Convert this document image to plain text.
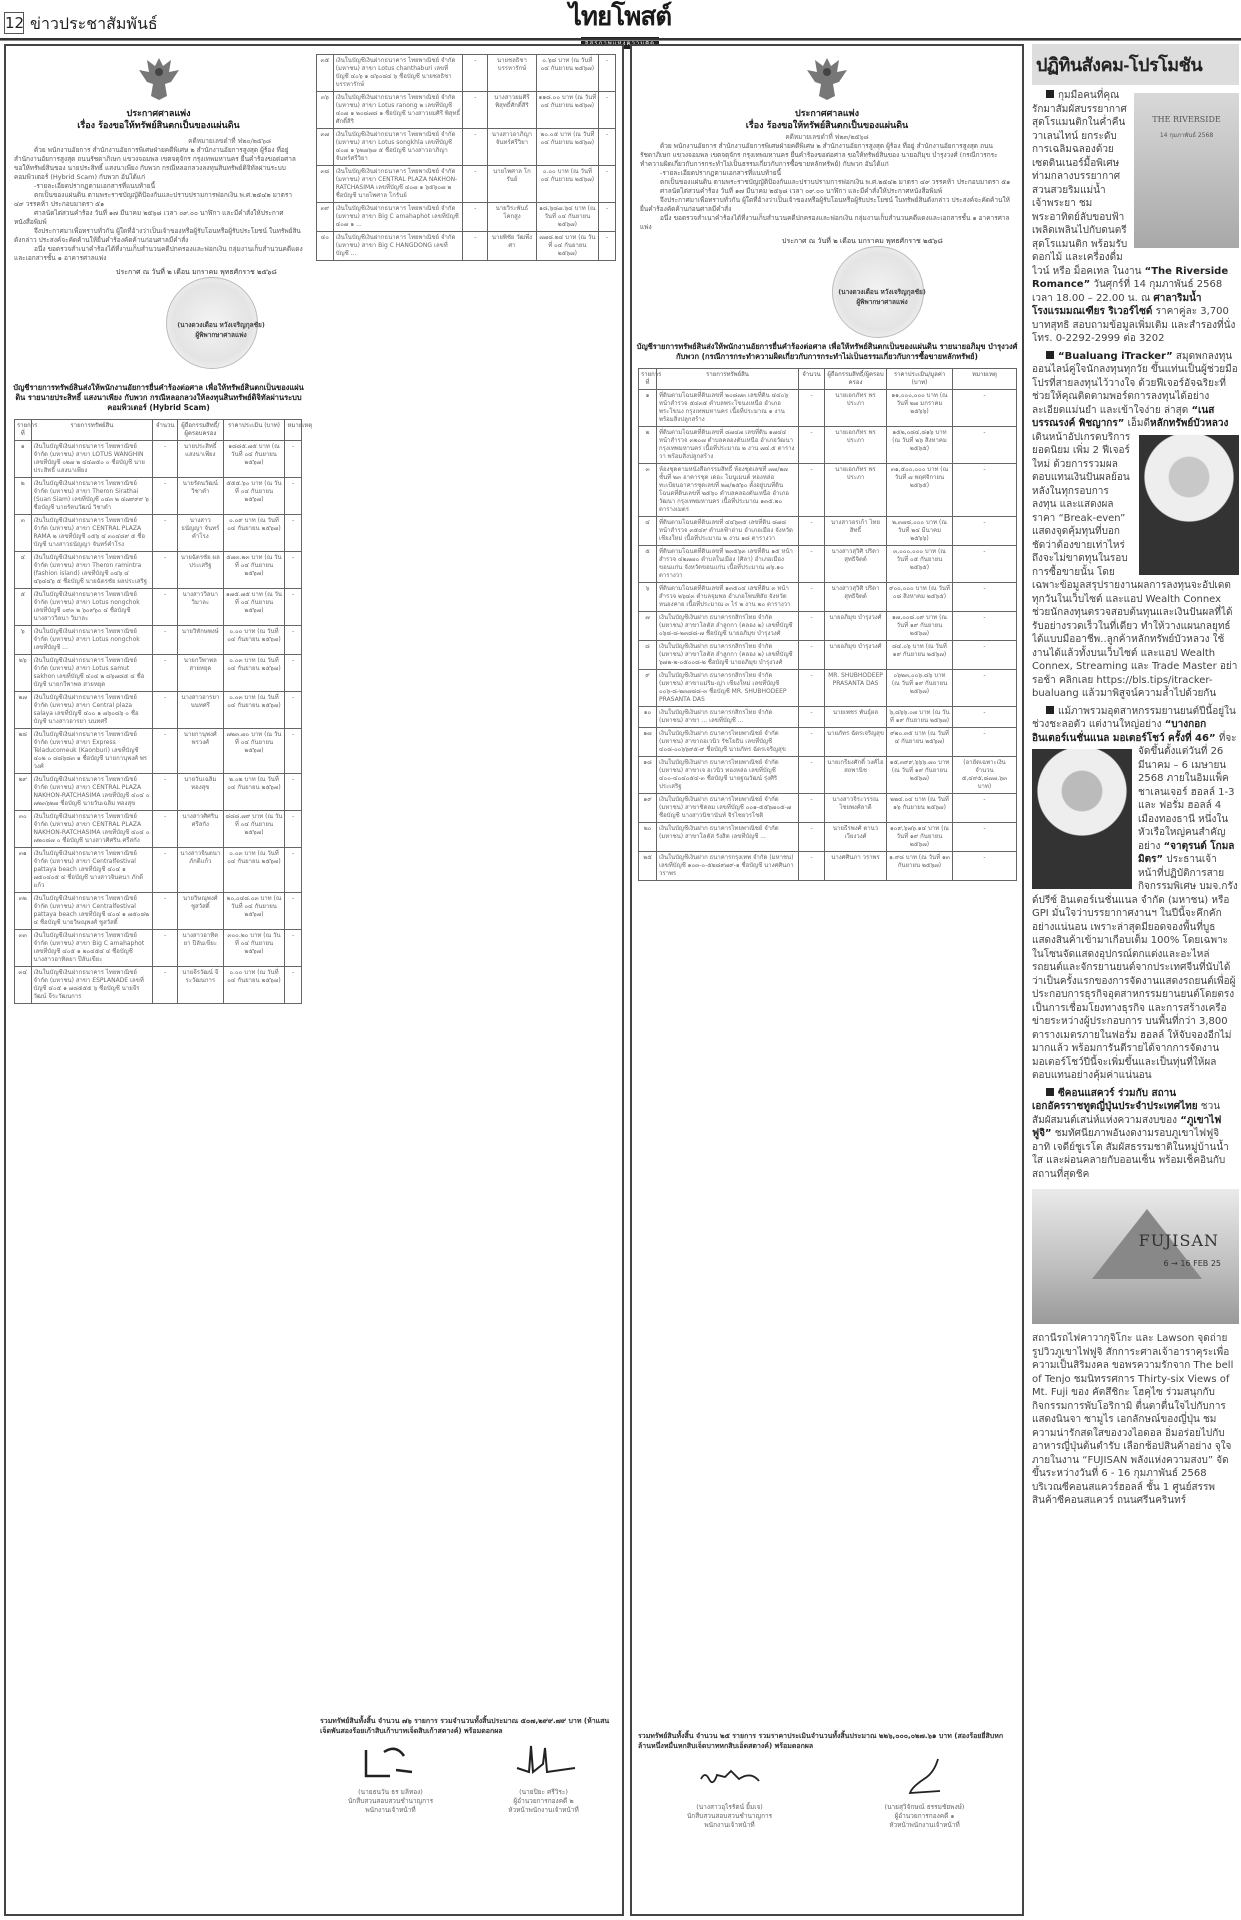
12 ข่าวประชาสัมพันธ์	ไทยโพสต์
ประกาศศาลแพ่ง
เรื่อง ร้องขอให้ทรัพย์สินตกเป็นของแผ่นดิน
คดีหมายเลขดำที่ ฟ๒๐/๒๕๖๘
ด้วย พนักงานอัยการ สำนักงานอัยการพิเศษฝ่ายคดีพิเศษ ๒ สำนักงานอัยการสูงสุด ผู้ร้อง ที่อยู่ สำนักงานอัยการสูงสุด ถนนรัชดาภิเษก แขวงจอมพล เขตจตุจักร กรุงเทพมหานคร ยื่นคำร้องขอต่อศาล ขอให้ทรัพย์สินของ นายประสิทธิ์ แสงนาเพียง กับพวก กรณีหลอกลวงลงทุนสินทรัพย์ดิจิทัลผ่านระบบคอมพิวเตอร์ (Hybrid Scam) กับพวก อันได้แก่
-รายละเอียดปรากฏตามเอกสารที่แนบท้ายนี้
ตกเป็นของแผ่นดิน ตามพระราชบัญญัติป้องกันและปราบปรามการฟอกเงิน พ.ศ.๒๕๔๒ มาตรา ๔๙ วรรคห้า ประกอบมาตรา ๕๑
ศาลนัดไต่สวนคำร้อง วันที่ ๑๗ มีนาคม ๒๕๖๘ เวลา ๐๙.๐๐ นาฬิกา และมีคำสั่งให้ประกาศหนังสือพิมพ์
จึงประกาศมาเพื่อทราบทั่วกัน ผู้ใดที่อ้างว่าเป็นเจ้าของหรือผู้รับโอนหรือผู้รับประโยชน์ ในทรัพย์สินดังกล่าว ประสงค์จะคัดค้านให้ยื่นคำร้องคัดค้านก่อนศาลมีคำสั่ง
อนึ่ง ขอตรวจสำเนาคำร้องได้ที่งานเก็บสำนวนคดีปกครองและฟอกเงิน กลุ่มงานเก็บสำนวนคดีแดงและเอกสารชั้น ๑ อาคารศาลแพ่ง
ประกาศ ณ วันที่ ๒ เดือน มกราคม พุทธศักราช ๒๕๖๘
(นางดวงเดือน หวังเจริญกุลชัย)
ผู้พิพากษาศาลแพ่ง
บัญชีรายการทรัพย์สินส่งให้พนักงานอัยการยื่นคำร้องต่อศาล เพื่อให้ทรัพย์สินตกเป็นของแผ่นดิน รายนายประสิทธิ์ แสงนาเพียง กับพวก กรณีหลอกลวงให้ลงทุนสินทรัพย์ดิจิทัลผ่านระบบคอมพิวเตอร์ (Hybrid Scam)
รายการที่	รายการทรัพย์สิน	จำนวน	ผู้ถือกรรมสิทธิ์/ผู้ครอบครอง	ราคาประเมิน (บาท)	หมายเหตุ
๑	เงินในบัญชีเงินฝากธนาคาร ไทยพาณิชย์ จำกัด (มหาชน) สาขา LOTUS WANGHIN เลขที่บัญชี ๐๒๗ ๒ ๔๔๗๕๐ ๐ ชื่อบัญชี นายประสิทธิ์ แสงนาเพียง	-	นายประสิทธิ์ แสงนาเพียง	๑๘๘๕.๗๕ บาท (ณ วันที่ ๐๔ กันยายน ๒๕๖๗)	-
๒	เงินในบัญชีเงินฝากธนาคาร ไทยพาณิชย์ จำกัด (มหาชน) สาขา Theron Sirathai (Suan Siam) เลขที่บัญชี ๐๔๓ ๒ ๔๗๙๙๙ ๖ ชื่อบัญชี นายรัตนวัฒน์ วิชาดำ	-	นายรัตนวัฒน์ วิชาดำ	๕๕๕.๖๐ บาท (ณ วันที่ ๐๔ กันยายน ๒๕๖๗)	-
๓	เงินในบัญชีเงินฝากธนาคาร ไทยพาณิชย์ จำกัด (มหาชน) สาขา CENTRAL PLAZA RAMA ๒ เลขที่บัญชี ๐๕๖ ๔ ๓๐๔๘๙ ๕ ชื่อบัญชี นางสาวธนัญญา จันทร์คำโรง	-	นางสาวธนัญญา จันทร์คำโรง	๐.๐๙ บาท (ณ วันที่ ๐๔ กันยายน ๒๕๖๗)	-
๔	เงินในบัญชีเงินฝากธนาคาร ไทยพาณิชย์ จำกัด (มหาชน) สาขา Theron ramintra (fashion island) เลขที่บัญชี ๐๔๖ ๔ ๔๖๔๔๖ ๕ ชื่อบัญชี นายฉัตรชัย ผลประเสริฐ	-	นายฉัตรชัย ผลประเสริฐ	๕๗๓.๒๓ บาท (ณ วันที่ ๐๔ กันยายน ๒๕๖๗)	-
๕	เงินในบัญชีเงินฝากธนาคาร ไทยพาณิชย์ จำกัด (มหาชน) สาขา Lotus nongchok เลขที่บัญชี ๐๙๓ ๒ ๖๐๙๖๐ ๔ ชื่อบัญชี นางสาววิลนา วิมาละ	-	นางสาววิลนา วิมาละ	๑๗๕.๗๕ บาท (ณ วันที่ ๐๔ กันยายน ๒๕๖๗)	-
๖	เงินในบัญชีเงินฝากธนาคาร ไทยพาณิชย์ จำกัด (มหาชน) สาขา Lotus nongchok เลขที่บัญชี ...	-	นายวิทักษพงษ์	๐.๐๐ บาท (ณ วันที่ ๐๔ กันยายน ๒๕๖๗)	-
๒๖	เงินในบัญชีเงินฝากธนาคาร ไทยพาณิชย์ จำกัด (มหาชน) สาขา Lotus samut sakhon เลขที่บัญชี ๔๐๔ ๒ ๘๖๗๘๕ ๔ ชื่อบัญชี นายกวีพาพล สายหยุด	-	นายกวีพาพล สายหยุด	๐.๐๓ บาท (ณ วันที่ ๐๔ กันยายน ๒๕๖๗)	-
๒๗	เงินในบัญชีเงินฝากธนาคาร ไทยพาณิชย์ จำกัด (มหาชน) สาขา Central plaza salaya เลขที่บัญชี ๔๐๐ ๑ ๗๖๐๘๖ ๐ ชื่อบัญชี นางสาวอารยา นนทศรี	-	นางสาวอารยา นนทศรี	๐.๐๓ บาท (ณ วันที่ ๐๔ กันยายน ๒๕๖๗)	-
๒๘	เงินในบัญชีเงินฝากธนาคาร ไทยพาณิชย์ จำกัด (มหาชน) สาขา Express Teladucomeuk (Kaonburi) เลขที่บัญชี ๔๐๒ ๐ ๘๘๖๘๓ ๑ ชื่อบัญชี นายกานุพงศ์ พรวงศ์	-	นายกานุพงศ์ พรวงศ์	๗๒๓.๗๐ บาท (ณ วันที่ ๐๔ กันยายน ๒๕๖๗)	-
๒๙	เงินในบัญชีเงินฝากธนาคาร ไทยพาณิชย์ จำกัด (มหาชน) สาขา CENTRAL PLAZA NAKHON-RATCHASIMA เลขที่บัญชี ๔๐๔ ๐ ๗๒๓๖๒๗ ชื่อบัญชี นายวันเฉลิม ทองสุข	-	นายวันเฉลิม ทองสุข	๒.๐๒ บาท (ณ วันที่ ๐๔ กันยายน ๒๕๖๗)	-
๓๐	เงินในบัญชีเงินฝากธนาคาร ไทยพาณิชย์ จำกัด (มหาชน) สาขา CENTRAL PLAZA NAKHON-RATCHASIMA เลขที่บัญชี ๔๐๔ ๐ ๗๒๐๘๗ ๐ ชื่อบัญชี นางสาวศิศริน ศรีสกัง	-	นางสาวศิศริน ศรีสกัง	๘๘๘.๗๙ บาท (ณ วันที่ ๐๔ กันยายน ๒๕๖๗)	-
๓๑	เงินในบัญชีเงินฝากธนาคาร ไทยพาณิชย์ จำกัด (มหาชน) สาขา Centralfestival pattaya beach เลขที่บัญชี ๔๐๔ ๑ ๗๕๐๔๐๕ ๔ ชื่อบัญชี นางสาวจินตนา ภักดีแก้ว	-	นางสาวจินตนา ภักดีแก้ว	๐.๐๓ บาท (ณ วันที่ ๐๔ กันยายน ๒๕๖๗)	-
๓๒	เงินในบัญชีเงินฝากธนาคาร ไทยพาณิชย์ จำกัด (มหาชน) สาขา Centralfestival pattaya beach เลขที่บัญชี ๔๐๔ ๑ ๗๕๐๘๒ ๔ ชื่อบัญชี นายวิษณุพงศ์ ชูสวัสดิ์	-	นายวิษณุพงศ์ ชูสวัสดิ์	๒๐,๐๔๘.๐๓ บาท (ณ วันที่ ๐๔ กันยายน ๒๕๖๗)	-
๓๓	เงินในบัญชีเงินฝากธนาคาร ไทยพาณิชย์ จำกัด (มหาชน) สาขา Big C amahaphot เลขที่บัญชี ๔๐๕ ๑ ๒๐๔๕๔ ๔ ชื่อบัญชี นางสาวอาทิตยา ปีลันเขียะ	-	นางสาวอาทิตยา ปีลันเขียะ	๓๐๐.๒๐ บาท (ณ วันที่ ๐๔ กันยายน ๒๕๖๗)	-
๓๔	เงินในบัญชีเงินฝากธนาคาร ไทยพาณิชย์ จำกัด (มหาชน) สาขา ESPLANADE เลขที่บัญชี ๔๐๕ ๑ ๗๘๕๕๕ ๖ ชื่อบัญชี นายจีรวัฒน์ จีระวัฒนการ	-	นายจีรวัฒน์ จีระวัฒนการ	๐.๐๐ บาท (ณ วันที่ ๐๔ กันยายน ๒๕๖๗)	-
๓๕	เงินในบัญชีเงินฝากธนาคาร ไทยพาณิชย์ จำกัด (มหาชน) สาขา Lotus chanthaburi เลขที่บัญชี ๔๐๖ ๑ ๘๖๐๘๔ ๖ ชื่อบัญชี นายชลธิชา บรรหารักษ์	-	นายชลธิชา บรรหารักษ์	๐.๖๘ บาท (ณ วันที่ ๐๔ กันยายน ๒๕๖๗)	-
๓๖	เงินในบัญชีเงินฝากธนาคาร ไทยพาณิชย์ จำกัด (มหาชน) สาขา Lotus ranong ๒ เลขที่บัญชี ๔๐๗ ๑ ๒๐๘๗๘ ๑ ชื่อบัญชี นางสาวยมศิรี พิสุทธิ์ศักดิ์สิริ	-	นางสาวยมศิรี พิสุทธิ์ศักดิ์สิริ	๑๑๘.๐๐ บาท (ณ วันที่ ๐๔ กันยายน ๒๕๖๗)	-
๓๗	เงินในบัญชีเงินฝากธนาคาร ไทยพาณิชย์ จำกัด (มหาชน) สาขา Lotus songkhla เลขที่บัญชี ๔๐๗ ๑ ๖๒๗๖๗ ๕ ชื่อบัญชี นางสาวอาภิญา จันทร์ศรีวิยา	-	นางสาวอาภิญา จันทร์ศรีวิยา	๒๐.๐๕ บาท (ณ วันที่ ๐๔ กันยายน ๒๕๖๗)	-
๓๘	เงินในบัญชีเงินฝากธนาคาร ไทยพาณิชย์ จำกัด (มหาชน) สาขา CENTRAL PLAZA NAKHON-RATCHASIMA เลขที่บัญชี ๔๐๗ ๑ ๖๕๖๐๗ ๒ ชื่อบัญชี นายไพศาล โกรันย์	-	นายไพศาล โกรันย์	๐.๐๐ บาท (ณ วันที่ ๐๔ กันยายน ๒๕๖๗)	-
๓๙	เงินในบัญชีเงินฝากธนาคาร ไทยพาณิชย์ จำกัด (มหาชน) สาขา Big C amahaphot เลขที่บัญชี ๔๐๗ ๑ ...	-	นายวิระพันธ์ โคกสูง	๑๘,๖๘๗.๖๔ บาท (ณ วันที่ ๐๔ กันยายน ๒๕๖๗)	-
๔๐	เงินในบัญชีเงินฝากธนาคาร ไทยพาณิชย์ จำกัด (มหาชน) สาขา Big C HANGDONG เลขที่บัญชี ...	-	นายพิชัย วัฒพึ่งศา	๗๗๘.๒๔ บาท (ณ วันที่ ๐๔ กันยายน ๒๕๖๗)	-
รวมทรัพย์สินทั้งสิ้น จำนวน ๗๖ รายการ รวมจำนวนทั้งสิ้นประมาณ ๕๐๗,๒๙๙.๗๙ บาท (ห้าแสนเจ็ดพันสองร้อยเก้าสิบเก้าบาทเจ็ดสิบเก้าสตางค์) พร้อมดอกผล
(นายธนวัน ธร มลิทอง)
นักสืบสวนสอบสวนชำนาญการ
พนักงานเจ้าหน้าที่
(นายปิยะ ศรีวิระ)
ผู้อำนวยการกองคดี ๒
หัวหน้าพนักงานเจ้าหน้าที่
ประกาศศาลแพ่ง
เรื่อง ร้องขอให้ทรัพย์สินตกเป็นของแผ่นดิน
คดีหมายเลขดำที่ ฟ๒๓/๒๕๖๘
ด้วย พนักงานอัยการ สำนักงานอัยการพิเศษฝ่ายคดีพิเศษ ๒ สำนักงานอัยการสูงสุด ผู้ร้อง ที่อยู่ สำนักงานอัยการสูงสุด ถนนรัชดาภิเษก แขวงจอมพล เขตจตุจักร กรุงเทพมหานคร ยื่นคำร้องขอต่อศาล ขอให้ทรัพย์สินของ นายอภิมุข บำรุงวงศ์ (กรณีการกระทำความผิดเกี่ยวกับการกระทำไม่เป็นธรรมเกี่ยวกับการซื้อขายหลักทรัพย์) กับพวก อันได้แก่
-รายละเอียดปรากฏตามเอกสารที่แนบท้ายนี้
ตกเป็นของแผ่นดิน ตามพระราชบัญญัติป้องกันและปราบปรามการฟอกเงิน พ.ศ.๒๕๔๒ มาตรา ๔๙ วรรคห้า ประกอบมาตรา ๕๑
ศาลนัดไต่สวนคำร้อง วันที่ ๑๗ มีนาคม ๒๕๖๘ เวลา ๐๙.๐๐ นาฬิกา และมีคำสั่งให้ประกาศหนังสือพิมพ์
จึงประกาศมาเพื่อทราบทั่วกัน ผู้ใดที่อ้างว่าเป็นเจ้าของหรือผู้รับโอนหรือผู้รับประโยชน์ ในทรัพย์สินดังกล่าว ประสงค์จะคัดค้านให้ยื่นคำร้องคัดค้านก่อนศาลมีคำสั่ง
อนึ่ง ขอตรวจสำเนาคำร้องได้ที่งานเก็บสำนวนคดีปกครองและฟอกเงิน กลุ่มงานเก็บสำนวนคดีแดงและเอกสารชั้น ๑ อาคารศาลแพ่ง
ประกาศ ณ วันที่ ๒ เดือน มกราคม พุทธศักราช ๒๕๖๘
(นางดวงเดือน หวังเจริญกุลชัย)
ผู้พิพากษาศาลแพ่ง
บัญชีรายการทรัพย์สินส่งให้พนักงานอัยการยื่นคำร้องต่อศาล เพื่อให้ทรัพย์สินตกเป็นของแผ่นดิน รายนายอภิมุข บำรุงวงศ์ กับพวก (กรณีการกระทำความผิดเกี่ยวกับการกระทำไม่เป็นธรรมเกี่ยวกับการซื้อขายหลักทรัพย์)
รายการที่	รายการทรัพย์สิน	จำนวน	ผู้ถือกรรมสิทธิ์/ผู้ครอบครอง	ราคาประเมิน/มูลค่า (บาท)	หมายเหตุ
๑	ที่ดินตามโฉนดที่ดินเลขที่ ๒๐๘๗๓ เลขที่ดิน ๔๔๐๖ หน้าสำรวจ ๕๔๓๕ ตำบลพระโขนงเหนือ อำเภอพระโขนง กรุงเทพมหานคร เนื้อที่ประมาณ ๑ งาน พร้อมสิ่งปลูกสร้าง	-	นายเอกภัทร พรประภา	๑๑,๐๐๐,๐๐๐ บาท (ณ วันที่ ๒๗ มกราคม ๒๕๖๖)	-
๒	ที่ดินตามโฉนดที่ดินเลขที่ ๘๗๔๗ เลขที่ดิน ๑๗๔๔ หน้าสำรวจ ๓๒๐๗ ตำบลคลองตันเหนือ อำเภอวัฒนา กรุงเทพมหานคร เนื้อที่ประมาณ ๒ งาน ๗๔.๕ ตารางวา พร้อมสิ่งปลูกสร้าง	-	นายเอกภัทร พรประภา	๑๕๒,๐๘๔,๘๑๖ บาท (ณ วันที่ ๒๖ สิงหาคม ๒๕๖๕)	-
๓	ห้องชุดตามหนังสือกรรมสิทธิ์ ห้องชุดเลขที่ ๗๗/๒๗ ชั้นที่ ๒๓ อาคารชุด เดอะ โมนูเมนต์ ทองหล่อ ทะเบียนอาคารชุดเลขที่ ๒๗/๒๕๖๐ ตั้งอยู่บนที่ดินโฉนดที่ดินเลขที่ ๒๕๖๐ ตำบลคลองตันเหนือ อำเภอวัฒนา กรุงเทพมหานคร เนื้อที่ประมาณ ๑๓๕.๒๐ ตารางเมตร	-	นายเอกภัทร พรประภา	๓๑,๕๐๐,๐๐๐ บาท (ณ วันที่ ๗ พฤศจิกายน ๒๕๖๕)	-
๔	ที่ดินตามโฉนดที่ดินเลขที่ ๔๔๖๓๕ เลขที่ดิน ๘๗๘ หน้าสำรวจ ๓๕๔๙ ตำบลฟ้าฮ่าม อำเภอเมือง จังหวัดเชียงใหม่ เนื้อที่ประมาณ ๒ งาน ๑๘ ตารางวา	-	นางสาวอรเก้า ไทยสิทธิ์	๒,๓๗๘,๐๐๐ บาท (ณ วันที่ ๒๔ มีนาคม ๒๕๖๖)	-
๕	ที่ดินตามโฉนดที่ดินเลขที่ ๒๓๕๖๓ เลขที่ดิน ๑๕ หน้าสำรวจ ๔๒๗๗๐ ตำบลในเมือง (ศิลา) อำเภอเมืองขอนแก่น จังหวัดขอนแก่น เนื้อที่ประมาณ ๗๖.๑๐ ตารางวา	-	นางสาวสุวิศิ ปริดาสุทธิจิตต์	๓,๐๐๐,๐๐๐ บาท (ณ วันที่ ๐๕ กันยายน ๒๕๖๕)	-
๖	ที่ดินตามโฉนดที่ดินเลขที่ ๑๓๕๐๔ เลขที่ดิน ๓ หน้าสำรวจ ๒๖๔๓ ตำบลจุมพล อำเภอโพนพิสัย จังหวัดหนองคาย เนื้อที่ประมาณ ๓ ไร่ ๒ งาน ๒๐ ตารางวา	-	นางสาวสุวิศิ ปริดาสุทธิจิตต์	๙๐๐,๐๐๐ บาท (ณ วันที่ ๐๘ สิงหาคม ๒๕๖๕)	-
๗	เงินในบัญชีเงินฝาก ธนาคารกสิกรไทย จำกัด (มหาชน) สาขาโลตัส ลำลูกกา (คลอง ๒) เลขที่บัญชี ๐๖๘-๘-๒๓๘๘-๗ ชื่อบัญชี นายอภิมุข บำรุงวงศ์	-	นายอภิมุข บำรุงวงศ์	๑๗,๐๐๘.๐๙ บาท (ณ วันที่ ๑๙ กันยายน ๒๕๖๗)	-
๘	เงินในบัญชีเงินฝาก ธนาคารกสิกรไทย จำกัด (มหาชน) สาขาโลตัส ลำลูกกา (คลอง ๒) เลขที่บัญชี ๖๗๒-๒-๐๕๐๐๘-๒ ชื่อบัญชี นายอภิมุข บำรุงวงศ์	-	นายอภิมุข บำรุงวงศ์	๘๔.๐๖ บาท (ณ วันที่ ๑๙ กันยายน ๒๕๖๗)	-
๙	เงินในบัญชีเงินฝาก ธนาคารกสิกรไทย จำกัด (มหาชน) สาขาแม่ริม-ญ่า เชียงใหม่ เลขที่บัญชี ๐๐๖-๘-๒๓๗๘๘-๓ ชื่อบัญชี MR. SHUBHODEEP PRASANTA DAS	-	MR. SHUBHODEEP PRASANTA DAS	๐๖๒๓,๐๐๖.๘๖ บาท (ณ วันที่ ๑๙ กันยายน ๒๕๖๗)	-
๑๐	เงินในบัญชีเงินฝาก ธนาคารกสิกรไทย จำกัด (มหาชน) สาขา ... เลขที่บัญชี ...	-	นายเพชร พันธุ์ผล	๖,๘๖๖.๐๗ บาท (ณ วันที่ ๑๙ กันยายน ๒๕๖๗)	-
๑๗	เงินในบัญชีเงินฝาก ธนาคารไทยพาณิชย์ จำกัด (มหาชน) สาขาถอเวนิว รัชโยธิน เลขที่บัญชี ๔๐๘-๐๐๖๖๙๕-๙ ชื่อบัญชี นายภัทร ฉัตรเจริญสุข	-	นายภัทร ฉัตรเจริญสุข	๙๒๐.๓๕ บาท (ณ วันที่ ๔ กันยายน ๒๕๖๗)	-
๑๘	เงินในบัญชีเงินฝาก ธนาคารไทยพาณิชย์ จำกัด (มหาชน) สาขาเจ อเวนิว ทองหล่อ เลขที่บัญชี ๔๐๐-๔๐๔๐๕๔-๓ ชื่อบัญชี นายฐณวัฒน์ รุ่งศิริประเสริฐ	-	นายเกรียงศักดิ์ วงศ์ไอสถพานิช	๑๕,๓๙๙,๖๖๖.๗๐ บาท (ณ วันที่ ๑๙ กันยายน ๒๕๖๗)	(อายัดเฉพาะเงินจำนวน ๕,๔๙๕,๘๗๗.๖๓ บาท)
๑๙	เงินในบัญชีเงินฝาก ธนาคารไทยพาณิชย์ จำกัด (มหาชน) สาขาชิดลม เลขที่บัญชี ๐๐๑-๕๕๖๗๐๕-๗ ชื่อบัญชี นางสาวนิชานันท์ จิรไชยวรโชติ	-	นางสาวจิระวรรณ ไชยพงศ์ลาดี	๒๒๔.๐๔ บาท (ณ วันที่ ๑๖ กันยายน ๒๕๖๗)	-
๒๐	เงินในบัญชีเงินฝาก ธนาคารไทยพาณิชย์ จำกัด (มหาชน) สาขาโลตัส รังสิต เลขที่บัญชี ...	-	นายธีรพงศ์ ตานวเวียงวงศ์	๑๐๙,๖๗๖.๑๔ บาท (ณ วันที่ ๑๙ กันยายน ๒๕๖๗)	-
๒๕	เงินในบัญชีเงินฝาก ธนาคารกรุงเทพ จำกัด (มหาชน) เลขที่บัญชี ๑๐๓-๐-๕๒๘๙๗๙-๑ ชื่อบัญชี นางศศินภา วราพร	-	นางศศินภา วราพร	๑.๙๘ บาท (ณ วันที่ ๑๓ กันยายน ๒๕๖๗)	-
รวมทรัพย์สินทั้งสิ้น จำนวน ๒๕ รายการ รวมราคาประเมินจำนวนทั้งสิ้นประมาณ ๒๒๖,๐๐๐,๐๒๗.๖๑ บาท (สองร้อยยี่สิบหกล้านหนึ่งหมื่นหกสิบเจ็ดบาทหกสิบเอ็ดสตางค์) พร้อมดอกผล
(นางสาวอุไรรัตน์ ยิ้มเจ)
นักสืบสวนสอบสวนชำนาญการ
พนักงานเจ้าหน้าที่
(นายสุวิจักษณ์ ธรรมชัยพงษ์)
ผู้อำนวยการกองคดี ๑
หัวหน้าพนักงานเจ้าหน้าที่
ปฏิทินสังคม-โปรโมชัน
THE RIVERSIDE
14 กุมภาพันธ์ 2568
กุมมือคนที่คุณรักมาสัมผัสบรรยากาศสุดโรแมนติกในค่ำคืนวาเลนไทน์ ยกระดับการเฉลิมฉลองด้วยเซตดินเนอร์มื้อพิเศษ ท่ามกลางบรรยากาศสวนสวยริมแม่น้ำเจ้าพระยา ชมพระอาทิตย์ลับขอบฟ้า เพลิดเพลินไปกับดนตรีสุดโรแมนติก พร้อมรับดอกไม้ และเครื่องดื่ม ไวน์ หรือ ม็อคเทล ในงาน “The Riverside Romance” วันศุกร์ที่ 14 กุมภาพันธ์ 2568 เวลา 18.00 – 22.00 น. ณ ศาลาริมน้ำ โรงแรมมณเฑียร ริเวอร์ไซด์ ราคาคู่ละ 3,700 บาทสุทธิ สอบถามข้อมูลเพิ่มเติม และสำรองที่นั่ง โทร. 0-2292-2999 ต่อ 3202
“Bualuang iTracker” สมุดพกลงทุนออนไลน์คู่ใจนักลงทุนทุกวัย ขึ้นแท่นเป็นผู้ช่วยมือโปรที่สายลงทุนไว้วางใจ ด้วยฟีเจอร์อัจฉริยะที่ช่วยให้คุณติดตามพอร์ตการลงทุนได้อย่างละเอียดแม่นยำ และเข้าใจง่าย ล่าสุด “เนส บรรณรงค์ พิชญากร” เอ็มดีหลักทรัพย์บัวหลวง
เดินหน้าอัปเกรดบริการยอดนิยม เพิ่ม 2 ฟีเจอร์ใหม่ ด้วยการรวมผลตอบแทนเงินปันผลย้อนหลังในทุกรอบการลงทุน และแสดงผลราคา “Break-even” แสดงจุดคุ้มทุนที่บอกชัดว่าต้องขายเท่าไหร่ถึงจะไม่ขาดทุนในรอบการซื้อขายนั้น โดยเฉพาะข้อมูลสรุปรายงานผลการลงทุนจะอัปเดตทุกวันในเว็บไซต์ และแอป Wealth Connex ช่วยนักลงทุนตรวจสอบต้นทุนและเงินปันผลที่ได้รับอย่างรวดเร็วในที่เดียว ทำให้วางแผนกลยุทธ์ได้แบบมืออาชีพ..ลูกค้าหลักทรัพย์บัวหลวง ใช้งานได้แล้วทั้งบนเว็บไซต์ และแอป Wealth Connex, Streaming และ Trade Master อย่ารอช้า คลิกเลย https://bls.tips/itracker-bualuang แล้วมาพิสูจน์ความล้ำไปด้วยกัน
แม้ภาพรวมอุตสาหกรรมยานยนต์ปีนี้อยู่ในช่วงชะลอตัว แต่งานใหญ่อย่าง “บางกอกอินเตอร์เนชั่นแนล มอเตอร์โชว์ ครั้งที่ 46” ที่จะจัดขึ้นตั้งแต่วันที่ 26 มีนาคม – 6 เมษายน 2568 ภายในอิมแพ็ค ชาเลนเจอร์ ฮอลล์ 1-3 และ ฟอรั่ม ฮอลล์ 4 เมืองทองธานี หนึ่งในหัวเรือใหญ่คนสำคัญอย่าง “จาตุรนต์ โกมลมิตร” ประธานเจ้าหน้าที่ปฏิบัติการสายกิจกรรมพิเศษ บมจ.กรังด์ปรีซ์ อินเตอร์เนชั่นแนล จำกัด (มหาชน) หรือ GPI มั่นใจว่าบรรยากาศงานฯ ในปีนี้จะคึกคักอย่างแน่นอน เพราะล่าสุดมียอดจองพื้นที่บูธแสดงสินค้าเข้ามาเกือบเต็ม 100% โดยเฉพาะในโซนจัดแสดงอุปกรณ์ตกแต่งและอะไหล่รถยนต์และจักรยานยนต์จากประเทศจีนที่นับได้ว่าเป็นครั้งแรกของการจัดงานแสดงรถยนต์เพื่อผู้ประกอบการธุรกิจอุตสาหกรรมยานยนต์โดยตรง เป็นการเชื่อมโยงทางธุรกิจ และการสร้างเครือข่ายระหว่างผู้ประกอบการ บนพื้นที่กว่า 3,800 ตารางเมตรภายในฟอรั่ม ฮอลล์ ให้จับจองอีกไม่มากแล้ว พร้อมการันตีรายได้จากการจัดงานมอเตอร์โชว์ปีนี้จะเพิ่มขึ้นและเป็นทุ่นที่ให้ผลตอบแทนอย่างคุ้มค่าแน่นอน
ซีคอนแสควร์ ร่วมกับ สถานเอกอัครราชทูตญี่ปุ่นประจำประเทศไทย ชวนสัมผัสมนต์เสน่ห์แห่งความสงบของ “ภูเขาไฟฟูจิ” ชมทัศนียภาพอันงดงามรอบภูเขาไฟฟูจิ อาทิ เจดีย์ชูเรโต สัมผัสธรรมชาติในหมู่บ้านน้ำใส และผ่อนคลายกับออนเซ็น พร้อมเช็คอินกับสถานที่สุดชิค
FUJISAN
6 → 16 FEB 25
สถานีรถไฟคาวากุจิโกะ และ Lawson จุดถ่ายรูปวิวภูเขาไฟฟูจิ สักการะศาลเจ้าอาราคุระเพื่อความเป็นสิริมงคล ขอพรความรักจาก The bell of Tenjo ชมนิทรรศการ Thirty-six Views of Mt. Fuji ของ คัตสึชิกะ โฮคุไซ ร่วมสนุกกับกิจกรรมการพับโอริกามิ ตื่นตาตื่นใจไปกับการแสดงนินจา ซามูไร เอกลักษณ์ของญี่ปุ่น ชมความน่ารักสดใสของวงไอดอล อิ่มอร่อยไปกับอาหารญี่ปุ่นต้นตำรับ เลือกช้อปสินค้าอย่าง จุใจ ภายในงาน “FUJISAN พลังแห่งความสงบ” จัดขึ้นระหว่างวันที่ 6 - 16 กุมภาพันธ์ 2568 บริเวณซีคอนสแควร์ฮอลล์ ชั้น 1 ศูนย์สรรพสินค้าซีคอนสแควร์ ถนนศรีนครินทร์
